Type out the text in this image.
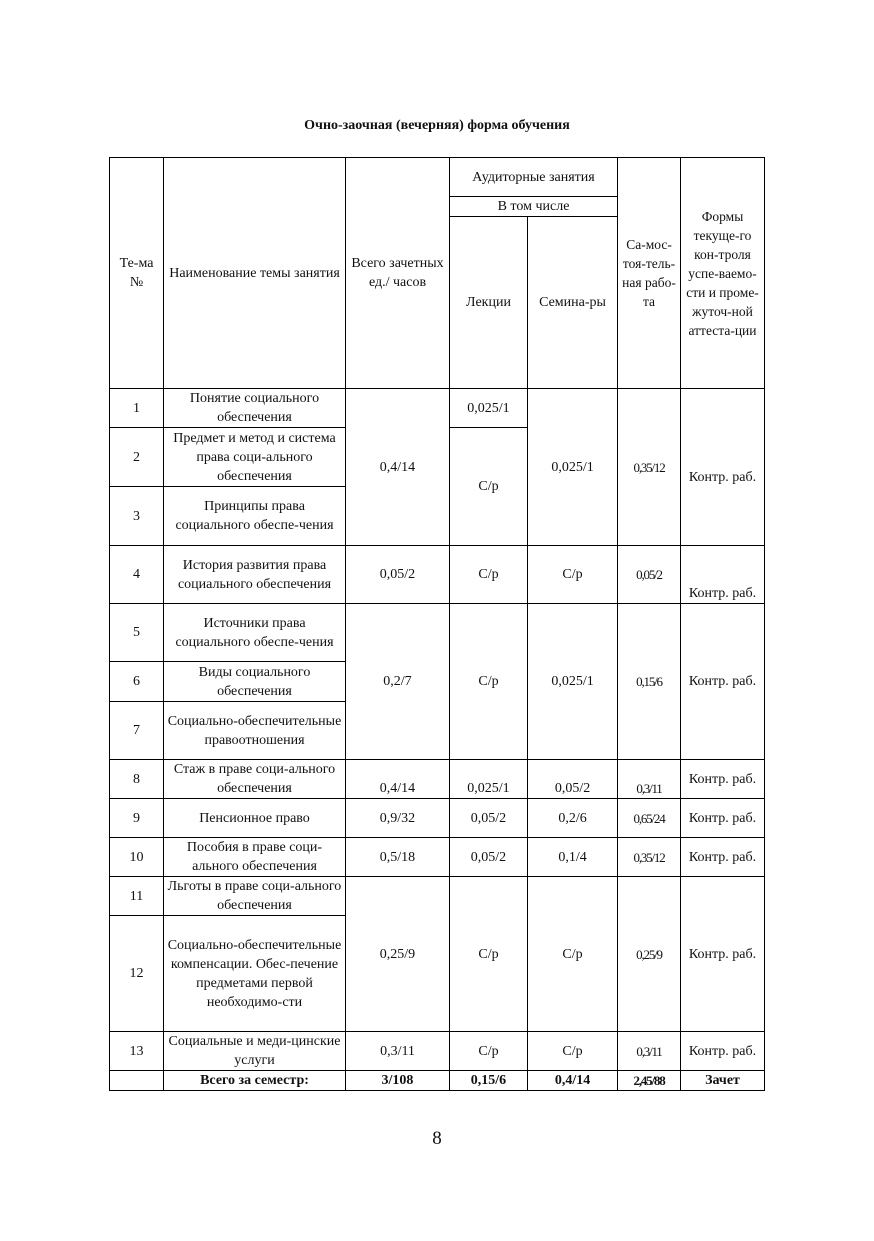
Очно-заочная (вечерняя) форма обучения
Те-ма №	Наименование темы занятия	Всего зачетных ед./ часов	Аудиторные занятия		Са-мос-тоя-тель-ная рабо-та	Формы текуще-го кон-троля успе-ваемо-сти и проме-жуточ-ной аттеста-ции
			В том числе			
			Лекции	Семина-ры		
1	Понятие социального обеспечения	0,4/14	0,025/1	0,025/1	0,35/12	Контр. раб.
2	Предмет и метод и система права соци-ального обеспечения		С/р			
3	Принципы права социального обеспе-чения					
4	История развития права социального обеспечения	0,05/2	С/р	С/р	0,05/2	Контр. раб.
5	Источники права социального обеспе-чения	0,2/7	С/р	0,025/1	0,15/6	Контр. раб.
6	Виды социального обеспечения					
7	Социально-обеспечительные правоотношения					
8	Стаж в праве соци-ального обеспечения	0,4/14	0,025/1	0,05/2	0,3/11	Контр. раб.
9	Пенсионное право	0,9/32	0,05/2	0,2/6	0,65/24	Контр. раб.
10	Пособия в праве соци-ального обеспечения	0,5/18	0,05/2	0,1/4	0,35/12	Контр. раб.
11	Льготы в праве соци-ального обеспечения	0,25/9	С/р	С/р	0,25/9	Контр. раб.
12	Социально-обеспечительные компенсации. Обес-печение предметами первой необходимо-сти					
13	Социальные и меди-цинские услуги	0,3/11	С/р	С/р	0,3/11	Контр. раб.
	Всего за семестр:	3/108	0,15/6	0,4/14	2,45/88	Зачет
8
